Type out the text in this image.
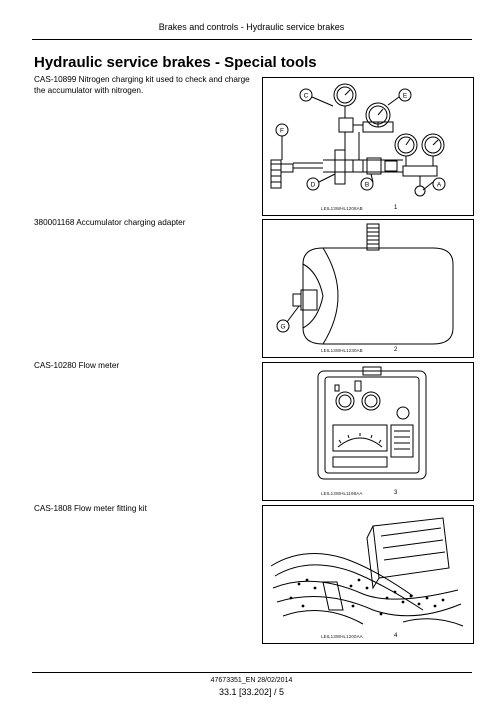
Brakes and controls - Hydraulic service brakes
Hydraulic service brakes - Special tools
CAS-10899 Nitrogen charging kit used to check and charge the accumulator with nitrogen.
C	E
F
D	B	A
LEIL13WHL1208AB	1
380001168 Accumulator charging adapter
G
LEIL13WHL1230AB	2
CAS-10280 Flow meter
LEIL13WHL1198AA	3
CAS-1808 Flow meter fitting kit
LEIL13WHL1200AA	4
47673351_EN 28/02/2014
33.1 [33.202] / 5
